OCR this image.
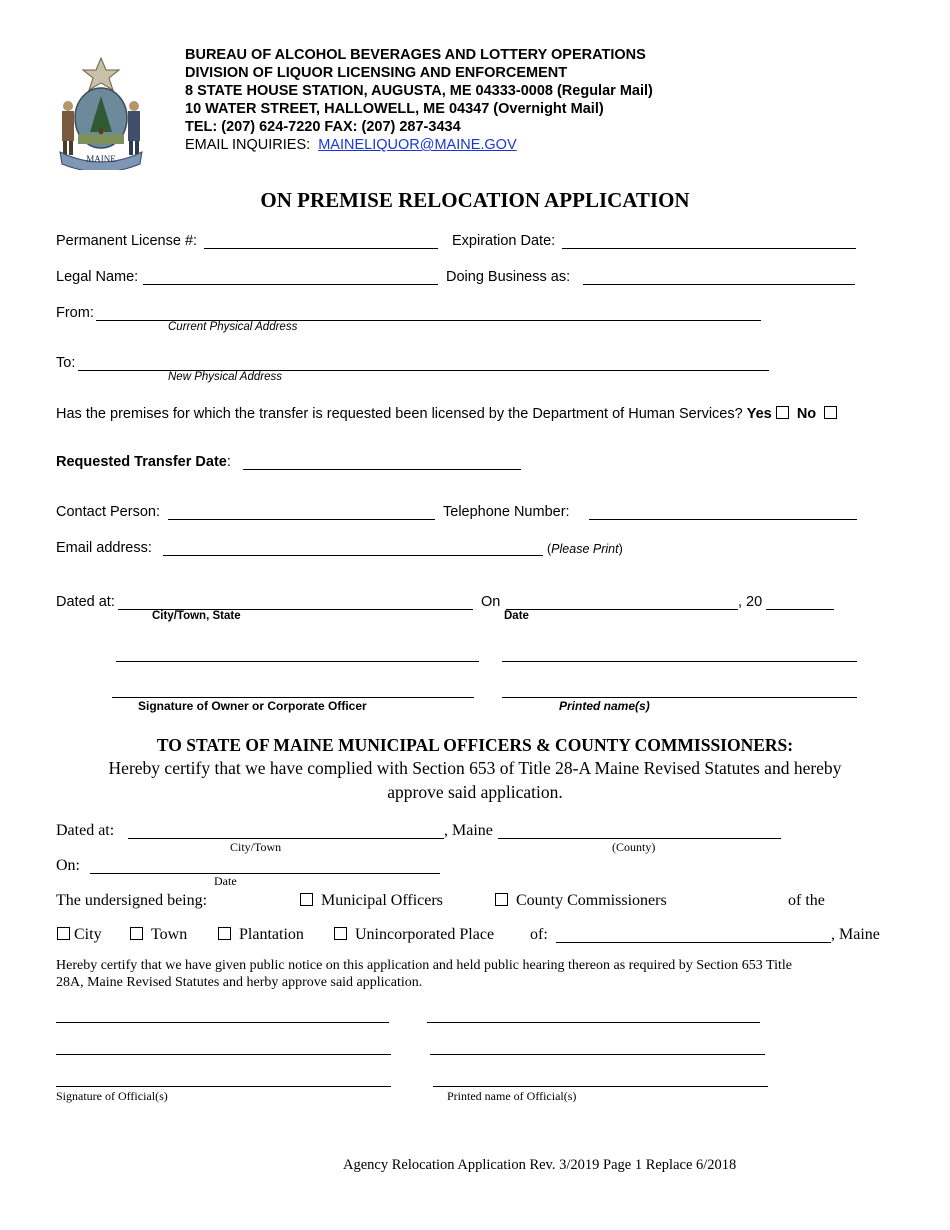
MAINE
BUREAU OF ALCOHOL BEVERAGES AND LOTTERY OPERATIONS
DIVISION OF LIQUOR LICENSING AND ENFORCEMENT
8 STATE HOUSE STATION, AUGUSTA, ME 04333-0008 (Regular Mail)
10 WATER STREET, HALLOWELL, ME 04347 (Overnight Mail)
TEL: (207) 624-7220 FAX: (207) 287-3434
EMAIL INQUIRIES: MAINELIQUOR@MAINE.GOV
ON PREMISE RELOCATION APPLICATION
Permanent License #:	Expiration Date:
Legal Name:	Doing Business as:
From:
Current Physical Address
To:
New Physical Address
Has the premises for which the transfer is requested been licensed by the Department of Human Services? Yes No
Requested Transfer Date:
Contact Person:	Telephone Number:
Email address:	(Please Print)
Dated at:
City/Town, State
On
Date
, 20
Signature of Owner or Corporate Officer	Printed name(s)
TO STATE OF MAINE MUNICIPAL OFFICERS & COUNTY COMMISSIONERS:
Hereby certify that we have complied with Section 653 of Title 28-A Maine Revised Statutes and hereby
approve said application.
Dated at:	, Maine
City/Town	(County)
On:
Date
The undersigned being:	Municipal Officers	County Commissioners	of the
City	Town	Plantation	Unincorporated Place of:	, Maine
Hereby certify that we have given public notice on this application and held public hearing thereon as required by Section 653 Title
28A, Maine Revised Statutes and herby approve said application.
Signature of Official(s)	Printed name of Official(s)
Agency Relocation Application Rev. 3/2019 Page 1 Replace 6/2018
